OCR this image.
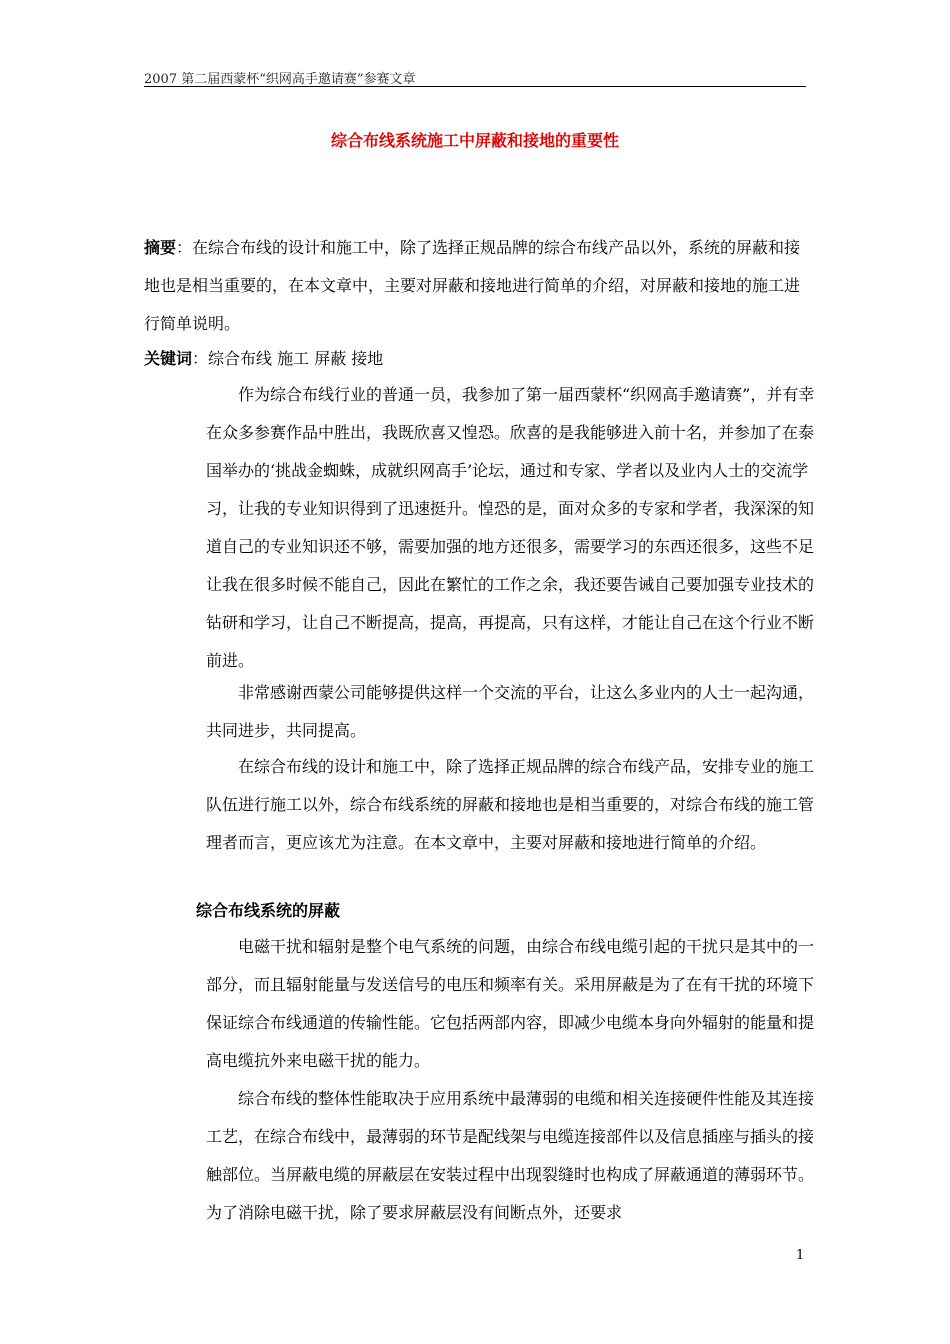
2007 第二届西蒙杯“织网高手邀请赛”参赛文章
综合布线系统施工中屏蔽和接地的重要性
摘要：在综合布线的设计和施工中，除了选择正规品牌的综合布线产品以外，系统的屏蔽和接地也是相当重要的，在本文章中，主要对屏蔽和接地进行简单的介绍，对屏蔽和接地的施工进行简单说明。
关键词：综合布线 施工 屏蔽 接地
作为综合布线行业的普通一员，我参加了第一届西蒙杯“织网高手邀请赛”，并有幸在众多参赛作品中胜出，我既欣喜又惶恐。欣喜的是我能够进入前十名，并参加了在泰国举办的‘挑战金蜘蛛，成就织网高手’论坛，通过和专家、学者以及业内人士的交流学习，让我的专业知识得到了迅速挺升。惶恐的是，面对众多的专家和学者，我深深的知道自己的专业知识还不够，需要加强的地方还很多，需要学习的东西还很多，这些不足让我在很多时候不能自己，因此在繁忙的工作之余，我还要告诫自己要加强专业技术的钻研和学习，让自己不断提高，提高，再提高，只有这样，才能让自己在这个行业不断前进。
非常感谢西蒙公司能够提供这样一个交流的平台，让这么多业内的人士一起沟通，共同进步，共同提高。
在综合布线的设计和施工中，除了选择正规品牌的综合布线产品，安排专业的施工队伍进行施工以外，综合布线系统的屏蔽和接地也是相当重要的，对综合布线的施工管理者而言，更应该尤为注意。在本文章中，主要对屏蔽和接地进行简单的介绍。
综合布线系统的屏蔽
电磁干扰和辐射是整个电气系统的问题，由综合布线电缆引起的干扰只是其中的一部分，而且辐射能量与发送信号的电压和频率有关。采用屏蔽是为了在有干扰的环境下保证综合布线通道的传输性能。它包括两部内容，即减少电缆本身向外辐射的能量和提高电缆抗外来电磁干扰的能力。
综合布线的整体性能取决于应用系统中最薄弱的电缆和相关连接硬件性能及其连接工艺，在综合布线中，最薄弱的环节是配线架与电缆连接部件以及信息插座与插头的接触部位。当屏蔽电缆的屏蔽层在安装过程中出现裂缝时也构成了屏蔽通道的薄弱环节。为了消除电磁干扰，除了要求屏蔽层没有间断点外，还要求
1
